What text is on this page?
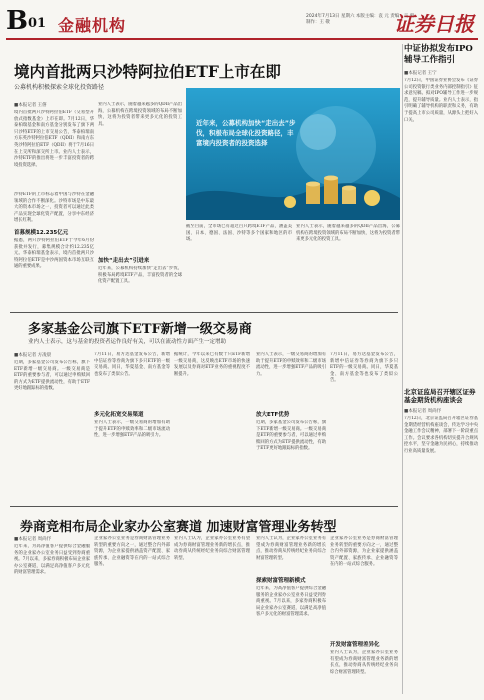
B 01 金融机构	2024年7月13日 星期六 本版主编：袁 元 责编：马 毅 制作：王 敬	证券日报
境内首批两只沙特阿拉伯ETF上市在即
公募机构积极探索全球化投资路径
■本报记者 王僖
境内首批两只沙特阿拉伯ETF（交易型开放式指数基金）上市在即。7月12日，华泰柏瑞基金和南方基金分别发布了旗下两只沙特ETF的上市交易公告，华泰柏瑞南方东英沙特阿拉伯ETF（QDII）和南方东英沙特阿拉伯ETF（QDII）将于7月16日在上交所和深交所上市。业内人士表示，沙特ETF的推出将进一步丰富投资者的跨境投资选择。
沙特ETF的上市标志着中国与沙特在金融领域的合作不断深化。沙特市场是中东最大的资本市场之一，投资者可以通过此类产品实现全球化资产配置，分享中东经济增长红利。
首募规模12.235亿元
据悉，两只沙特阿拉伯ETF于今年6月份获批并发行，募集规模合计约12.235亿元。华泰柏瑞基金表示，境内首批两只沙特阿拉伯ETF是中沙两国资本市场互联互通的重要成果。
业内人士表示，随着越来越多的QDII产品出海，公募机构在跨境投资领域的布局不断加快，这将为投资者带来更多元化的投资工具。
加快“走出去”引进来
近年来，公募机构持续加快“走出去”步伐，积极布局跨境ETF产品，丰富投资者的全球化资产配置工具。
截至目前，全市场已有超过百只跨境ETF产品，涵盖美国、日本、德国、法国、沙特等多个国家和地区的市场。
业内人士表示，随着越来越多的QDII产品出海，公募机构在跨境投资领域的布局不断加快，这将为投资者带来更多元化的投资工具。
近年来，公募机构加快“走出去”步伐，积极布局全球化投资路径，丰富境内投资者的投资选择
中证协拟发布IPO辅导工作指引
■本报记者 王宁
7月12日，中国证券业协会发布《证券公司投资银行类业务内部控制指引》征求意见稿。拟对IPO辅导工作进一步规范，提升辅导质量。业内人士表示，指引明确了辅导机构的职责和义务，有助于提高上市公司质量，从源头上把好入口关。
北京证监局召开辖区证券基金期货机构座谈会
■本报记者 周尚伃
7月12日，北京证监局召开辖区证券基金期货经营机构座谈会，传达学习中央金融工作会议精神，部署下一阶段重点工作。会议要求各机构切实提升合规风控水平，坚守金融为民初心，持续推动行业高质量发展。
多家基金公司旗下ETF新增一级交易商
业内人士表示，这与基金的投资者运作良好有关，可以在流动性方面产生一定增助
■本报记者 方凌晨
近期，多家基金公司发布公告称，旗下ETF新增一级交易商。一级交易商是ETF的重要参与者，可以通过申购赎回的方式为ETF提供流动性，有助于ETF更好地跟踪标的指数。
7月11日，易方达基金发布公告，新增中信证券等券商为旗下多只ETF的一级交易商。同日，华夏基金、南方基金等也发布了类似公告。
多元化拓宽交易渠道
业内人士表示，一级交易商的增加有助于提升ETF的申赎效率和二级市场流动性，进一步增强ETF产品的吸引力。
据统计，今年以来已有数十只ETF新增一级交易商，这反映出ETF市场的快速发展以及券商对ETF业务的重视程度不断提升。
放大ETF优势
业内人士表示，一级交易商的增加有助于提升ETF的申赎效率和二级市场流动性，进一步增强ETF产品的吸引力。
近期，多家基金公司发布公告称，旗下ETF新增一级交易商。一级交易商是ETF的重要参与者，可以通过申购赎回的方式为ETF提供流动性，有助于ETF更好地跟踪标的指数。
7月11日，易方达基金发布公告，新增中信证券等券商为旗下多只ETF的一级交易商。同日，华夏基金、南方基金等也发布了类似公告。
券商竞相布局企业家办公室赛道 加速财富管理业务转型
■本报记者 周尚伃
近年来，为高净值客户提供综合金融服务的企业家办公室业务日益受到券商重视。7月以来，多家券商积极布局企业家办公室赛道，以满足高净值客户多元化的财富管理需求。
企业家办公室业务是券商财富管理业务转型的重要方向之一，通过整合内外部资源，为企业家提供涵盖资产配置、家族传承、企业融资等在内的一站式综合服务。
业内人士认为，企业家办公室业务有望成为券商财富管理业务新的增长点，推动券商从传统经纪业务向综合财富管理转型。
探索财富管理新模式
业内人士认为，企业家办公室业务有望成为券商财富管理业务新的增长点，推动券商从传统经纪业务向综合财富管理转型。
近年来，为高净值客户提供综合金融服务的企业家办公室业务日益受到券商重视。7月以来，多家券商积极布局企业家办公室赛道，以满足高净值客户多元化的财富管理需求。
开发财富管理差异化
企业家办公室业务是券商财富管理业务转型的重要方向之一，通过整合内外部资源，为企业家提供涵盖资产配置、家族传承、企业融资等在内的一站式综合服务。
业内人士认为，企业家办公室业务有望成为券商财富管理业务新的增长点，推动券商从传统经纪业务向综合财富管理转型。
